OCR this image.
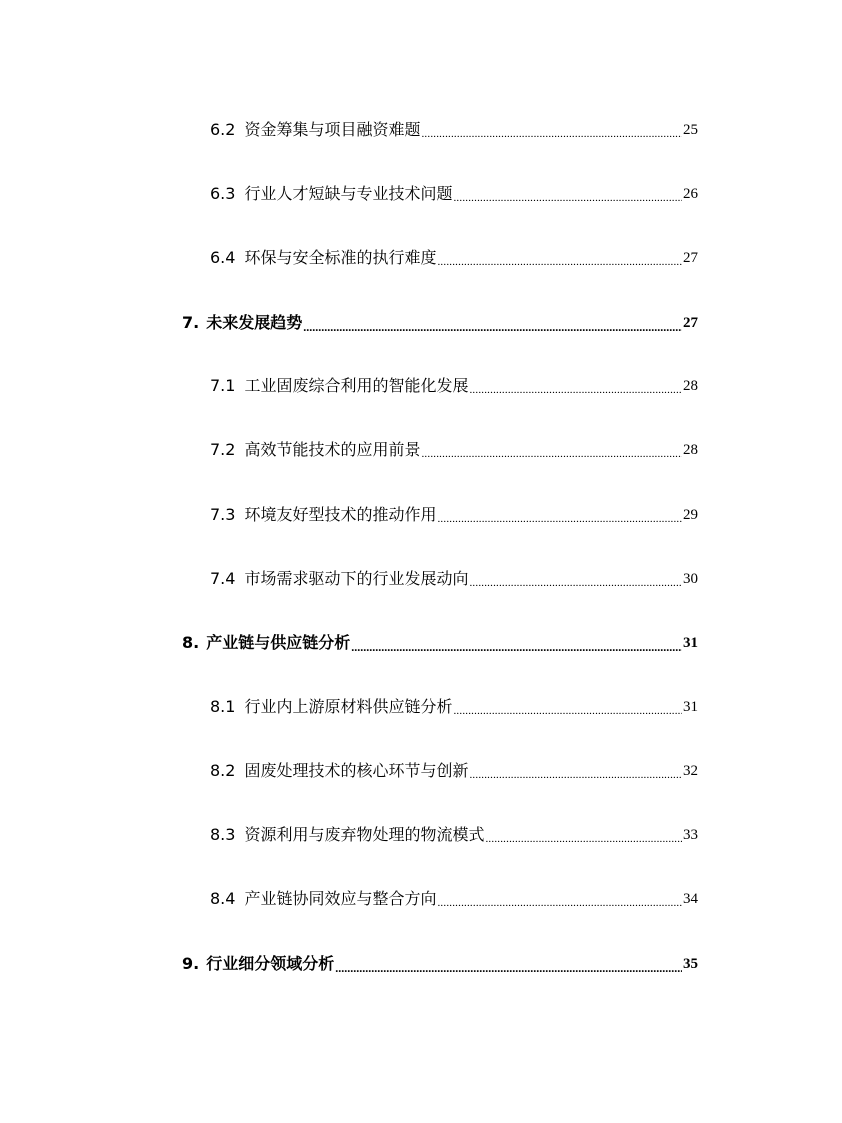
6.2 资金筹集与项目融资难题 .....	25
6.3 行业人才短缺与专业技术问题 .....	26
6.4 环保与安全标准的执行难度 .....	27
7. 未来发展趋势 .....	27
7.1 工业固废综合利用的智能化发展 .....	28
7.2 高效节能技术的应用前景 .....	28
7.3 环境友好型技术的推动作用 .....	29
7.4 市场需求驱动下的行业发展动向 .....	30
8. 产业链与供应链分析 .....	31
8.1 行业内上游原材料供应链分析 .....	31
8.2 固废处理技术的核心环节与创新 .....	32
8.3 资源利用与废弃物处理的物流模式 .....	33
8.4 产业链协同效应与整合方向 .....	34
9. 行业细分领域分析 .....	35
